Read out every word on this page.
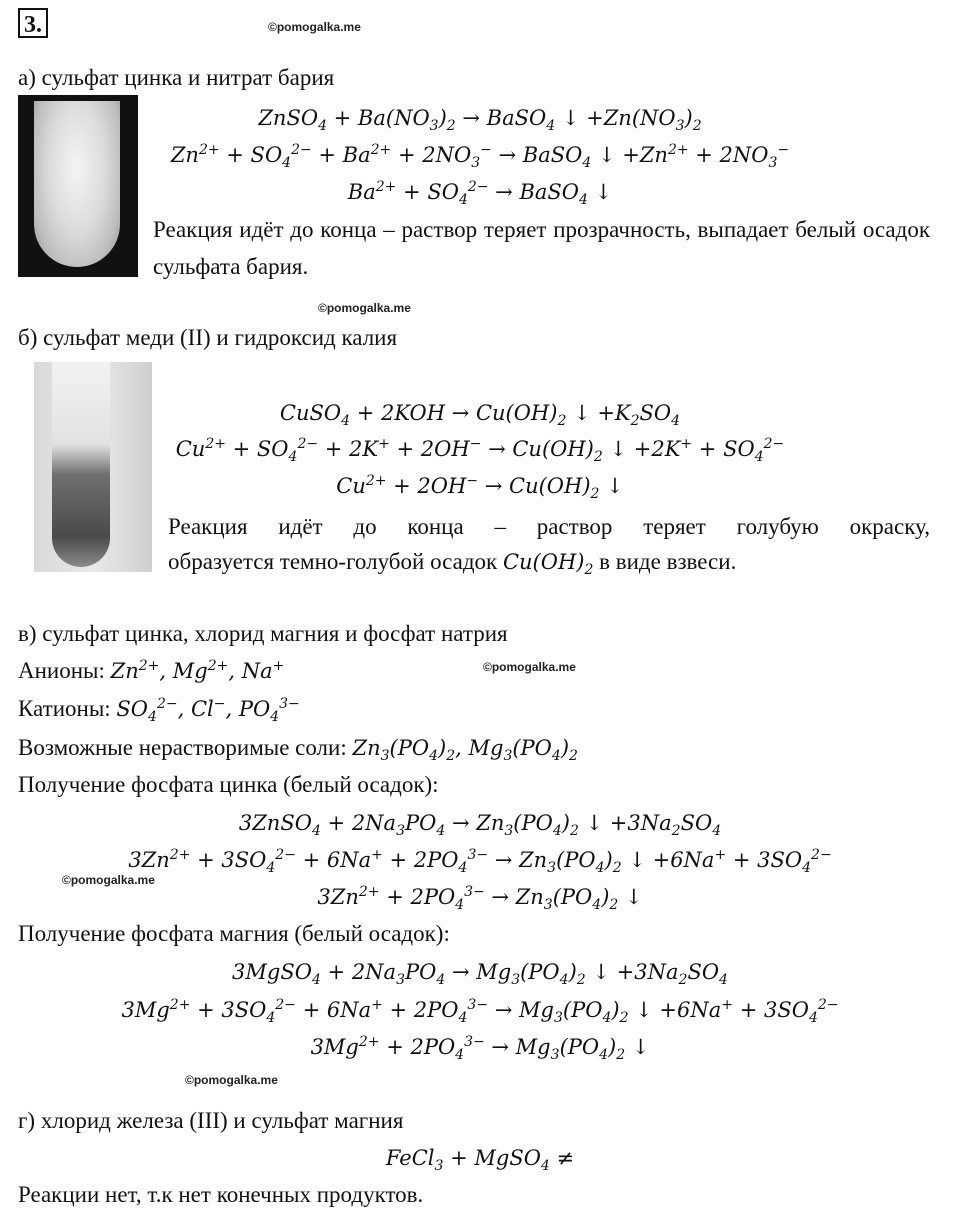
3.	©pomogalka.me
а) сульфат цинка и нитрат бария
ZnSO$_4$ + $Ba(NO_3)_2$ → BaSO$_4$ ↓ $+Zn(NO_3)_2$
$Zn^{2+} + SO_4^{2-} + Ba^{2+} + 2NO_3^-$ → BaSO$_4$ ↓ $+Zn^{2+} + 2NO_3^-$
$Ba^{2+} + SO_4^{2-}$ → BaSO$_4$ ↓
Реакция идёт до конца – раствор теряет прозрачность, выпадает белый осадок сульфата бария.
©pomogalka.me
б) сульфат меди (II) и гидроксид калия
CuSO$_4$ + $2KOH \to Cu(OH)_2$ ↓ $+K_2SO_4$
$Cu^{2+} + SO_4^{2-} + 2K^+ + 2OH^- \to Cu(OH)_2$ ↓ $+2K^+ + SO_4^{2-}$
$Cu^{2+} + 2OH^- \to Cu(OH)_2$ ↓
Реакция идёт до конца – раствор теряет голубую окраску,
образуется темно-голубой осадок $Cu(OH)_2$ в виде взвеси.
в) сульфат цинка, хлорид магния и фосфат натрия
Анионы: $Zn^{2+}$, $Mg^{2+}$, Na+	©pomogalka.me
Катионы: $SO_4^{2-}$, Cl−, $PO_4^{3-}$
Возможные нерастворимые соли: $Zn_3(PO_4)_2$, $Mg_3(PO_4)_2$
Получение фосфата цинка (белый осадок):
3ZnSO$_4$ + $2Na_3PO_4 \to Zn_3(PO_4)_2$ ↓ $+3Na_2SO_4$
$3Zn^{2+} + 3SO_4^{2-} + 6Na^+ + 2PO_4^{3-} \to Zn_3(PO_4)_2$ ↓ $+6Na^+ + 3SO_4^{2-}$
©pomogalka.me
$3Zn^{2+} + 2PO_4^{3-} \to Zn_3(PO_4)_2$ ↓
Получение фосфата магния (белый осадок):
3MgSO$_4$ + $2Na_3PO_4 \to Mg_3(PO_4)_2$ ↓ $+3Na_2SO_4$
$3Mg^{2+} + 3SO_4^{2-} + 6Na^+ + 2PO_4^{3-} \to Mg_3(PO_4)_2$ ↓ $+6Na^+ + 3SO_4^{2-}$
$3Mg^{2+} + 2PO_4^{3-} \to Mg_3(PO_4)_2$ ↓
©pomogalka.me
г) хлорид железа (III) и сульфат магния
FeCl$_3$ + MgSO$_4$ ≠
Реакции нет, т.к нет конечных продуктов.
